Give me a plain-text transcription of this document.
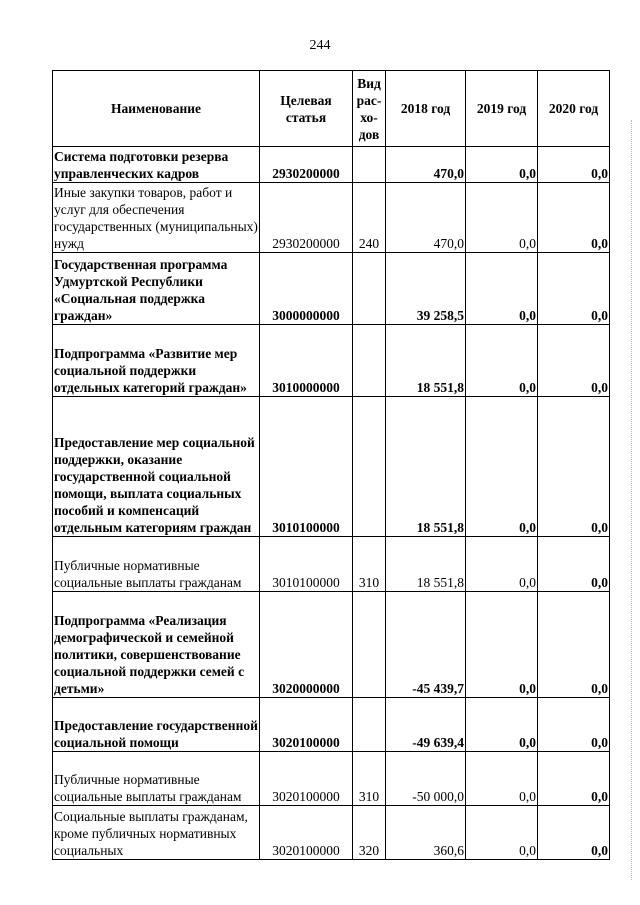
244
Наименование	Целевая статья	Вид рас-хо-дов	2018 год	2019 год	2020 год
Система подготовки резерва управленческих кадров	2930200000		470,0	0,0	0,0
Иные закупки товаров, работ и услуг для обеспечения государственных (муниципальных) нужд	2930200000	240	470,0	0,0	0,0
Государственная программа Удмуртской Республики «Социальная поддержка граждан»	3000000000		39 258,5	0,0	0,0
Подпрограмма «Развитие мер социальной поддержки отдельных категорий граждан»	3010000000		18 551,8	0,0	0,0
Предоставление мер социальной поддержки, оказание государственной социальной помощи, выплата социальных пособий и компенсаций отдельным категориям граждан	3010100000		18 551,8	0,0	0,0
Публичные нормативные социальные выплаты гражданам	3010100000	310	18 551,8	0,0	0,0
Подпрограмма «Реализация демографической и семейной политики, совершенствование социальной поддержки семей с детьми»	3020000000		-45 439,7	0,0	0,0
Предоставление государственной социальной помощи	3020100000		-49 639,4	0,0	0,0
Публичные нормативные социальные выплаты гражданам	3020100000	310	-50 000,0	0,0	0,0
Социальные выплаты гражданам, кроме публичных нормативных социальных	3020100000	320	360,6	0,0	0,0
